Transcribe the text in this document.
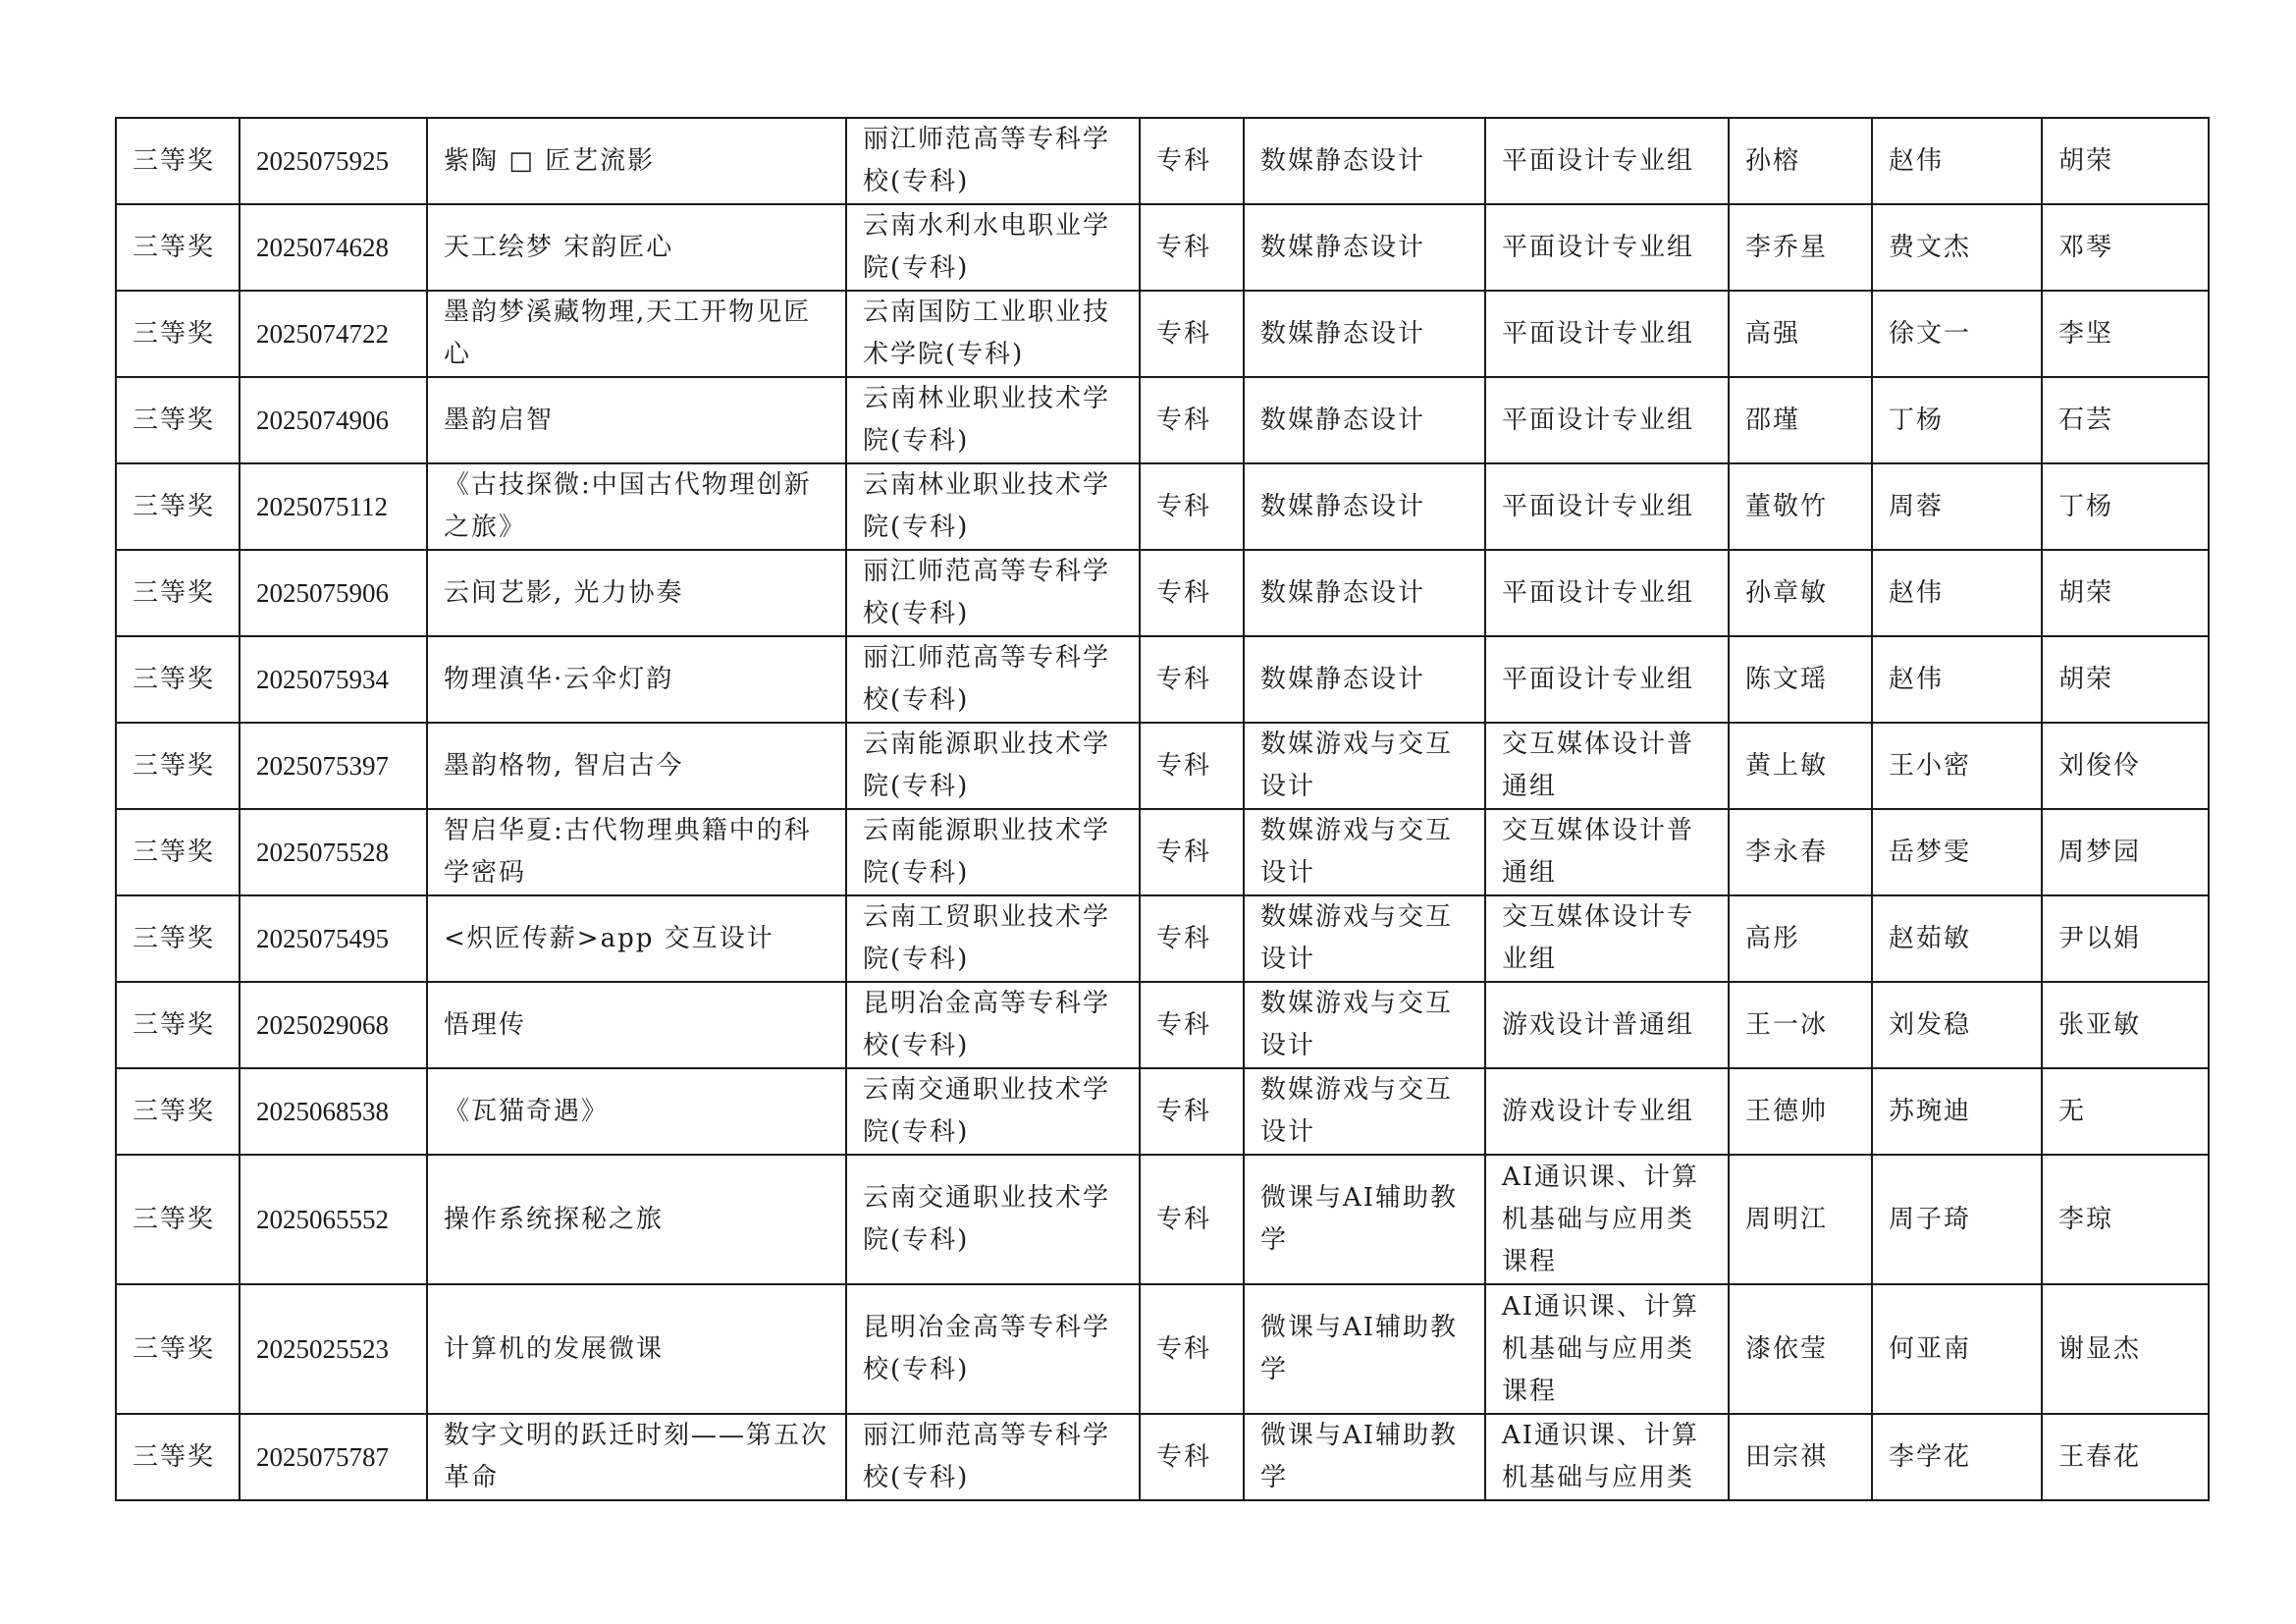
三等奖	2025075925	紫陶 □ 匠艺流影	丽江师范高等专科学校(专科)	专科	数媒静态设计	平面设计专业组	孙榕	赵伟	胡荣
三等奖	2025074628	天工绘梦 宋韵匠心	云南水利水电职业学院(专科)	专科	数媒静态设计	平面设计专业组	李乔星	费文杰	邓琴
三等奖	2025074722	墨韵梦溪藏物理,天工开物见匠心	云南国防工业职业技术学院(专科)	专科	数媒静态设计	平面设计专业组	高强	徐文一	李坚
三等奖	2025074906	墨韵启智	云南林业职业技术学院(专科)	专科	数媒静态设计	平面设计专业组	邵瑾	丁杨	石芸
三等奖	2025075112	《古技探微:中国古代物理创新之旅》	云南林业职业技术学院(专科)	专科	数媒静态设计	平面设计专业组	董敬竹	周蓉	丁杨
三等奖	2025075906	云间艺影, 光力协奏	丽江师范高等专科学校(专科)	专科	数媒静态设计	平面设计专业组	孙章敏	赵伟	胡荣
三等奖	2025075934	物理滇华·云伞灯韵	丽江师范高等专科学校(专科)	专科	数媒静态设计	平面设计专业组	陈文瑶	赵伟	胡荣
三等奖	2025075397	墨韵格物, 智启古今	云南能源职业技术学院(专科)	专科	数媒游戏与交互设计	交互媒体设计普通组	黄上敏	王小密	刘俊伶
三等奖	2025075528	智启华夏:古代物理典籍中的科学密码	云南能源职业技术学院(专科)	专科	数媒游戏与交互设计	交互媒体设计普通组	李永春	岳梦雯	周梦园
三等奖	2025075495	<炽匠传薪>app 交互设计	云南工贸职业技术学院(专科)	专科	数媒游戏与交互设计	交互媒体设计专业组	高彤	赵茹敏	尹以娟
三等奖	2025029068	悟理传	昆明冶金高等专科学校(专科)	专科	数媒游戏与交互设计	游戏设计普通组	王一冰	刘发稳	张亚敏
三等奖	2025068538	《瓦猫奇遇》	云南交通职业技术学院(专科)	专科	数媒游戏与交互设计	游戏设计专业组	王德帅	苏琬迪	无
三等奖	2025065552	操作系统探秘之旅	云南交通职业技术学院(专科)	专科	微课与AI辅助教学	AI通识课、计算机基础与应用类课程	周明江	周子琦	李琼
三等奖	2025025523	计算机的发展微课	昆明冶金高等专科学校(专科)	专科	微课与AI辅助教学	AI通识课、计算机基础与应用类课程	漆依莹	何亚南	谢显杰
三等奖	2025075787	数字文明的跃迁时刻——第五次革命	丽江师范高等专科学校(专科)	专科	微课与AI辅助教学	AI通识课、计算机基础与应用类	田宗祺	李学花	王春花
